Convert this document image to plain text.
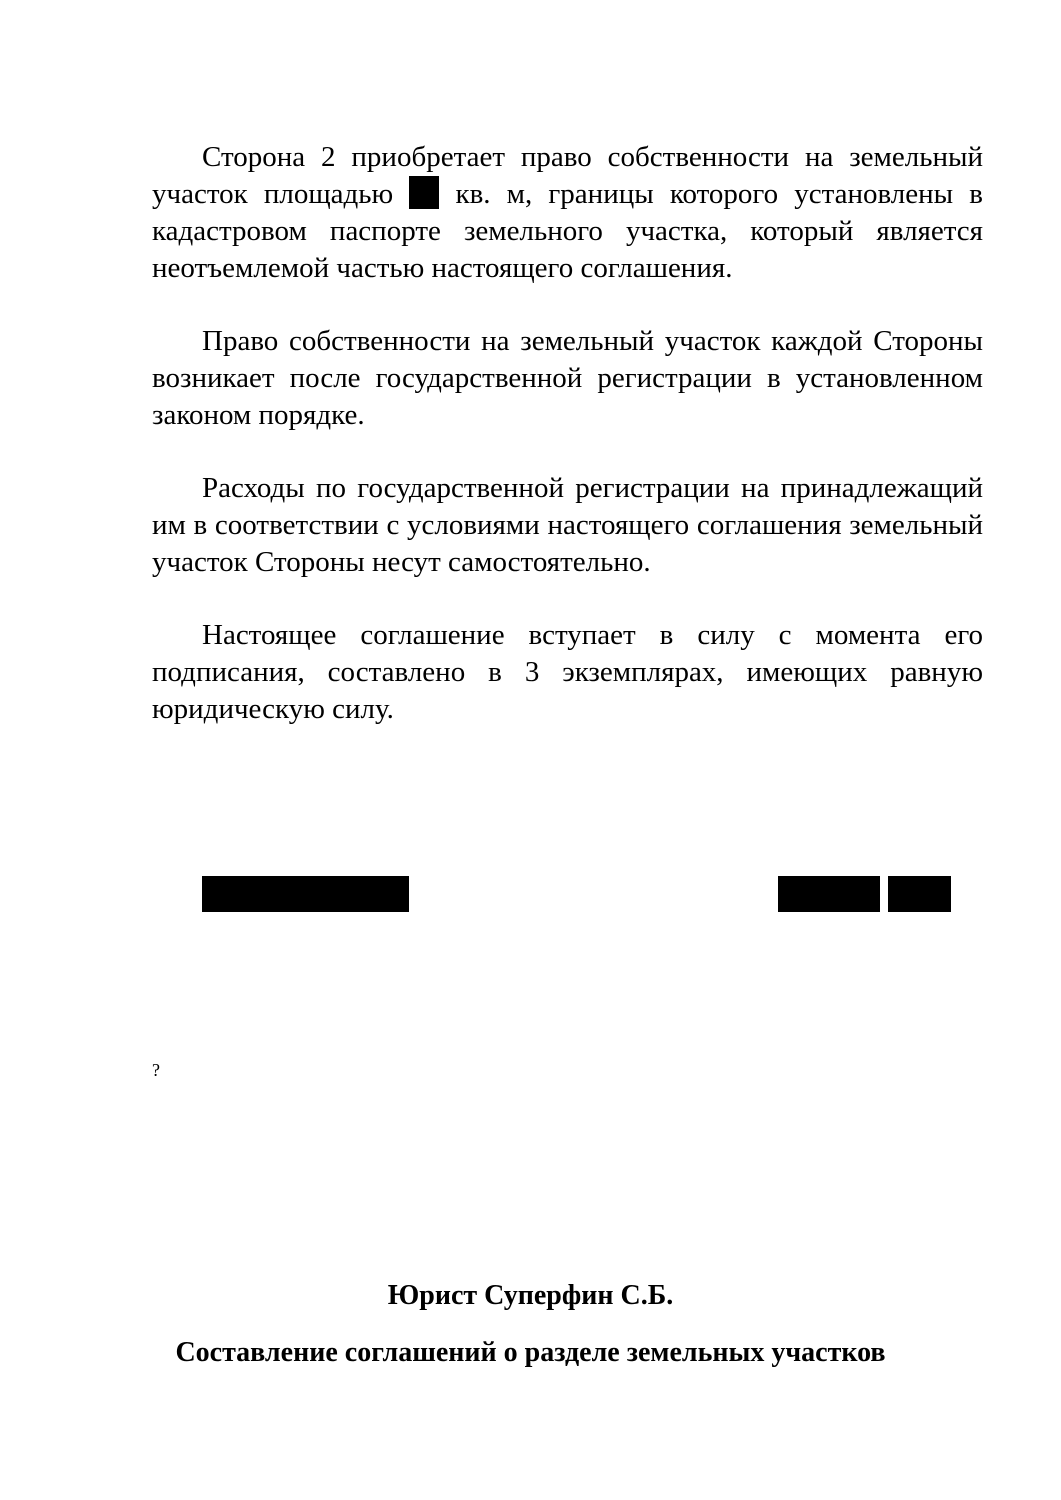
Сторона 2 приобретает право собственности на земельный участок площадью  кв. м, границы которого установлены в кадастровом паспорте земельного участка, который является неотъемлемой частью настоящего соглашения.

Право собственности на земельный участок каждой Стороны возникает после государственной регистрации в установленном законом порядке.

Расходы по государственной регистрации на принадлежащий им в соответствии с условиями настоящего соглашения земельный участок Стороны несут самостоятельно.

Настоящее соглашение вступает в силу с момента его подписания, составлено в 3 экземплярах, имеющих равную юридическую силу.

Юрист Суперфин С.Б.
Составление соглашений о разделе земельных участков
?
